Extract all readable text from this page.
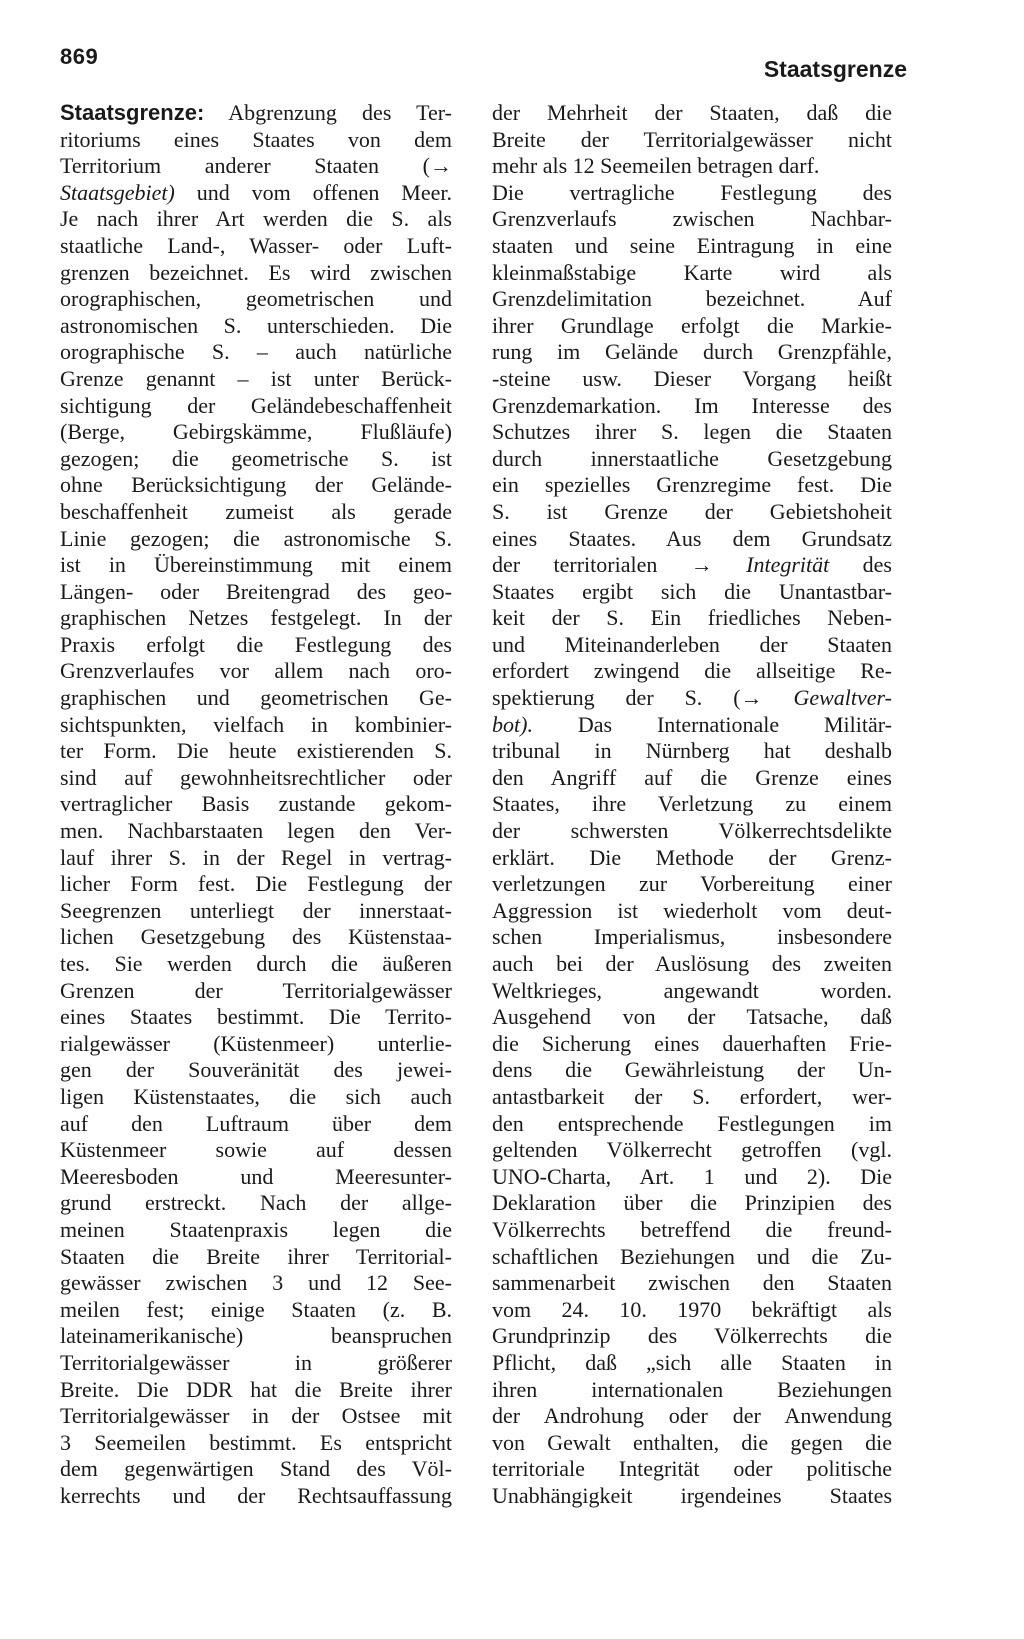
869	Staatsgrenze
Staatsgrenze: Abgrenzung des Ter-
ritoriums eines Staates von dem
Territorium anderer Staaten (→
Staatsgebiet) und vom offenen Meer.
Je nach ihrer Art werden die S. als
staatliche Land-, Wasser- oder Luft-
grenzen bezeichnet. Es wird zwischen
orographischen, geometrischen und
astronomischen S. unterschieden. Die
orographische S. – auch natürliche
Grenze genannt – ist unter Berück-
sichtigung der Geländebeschaffenheit
(Berge, Gebirgskämme, Flußläufe)
gezogen; die geometrische S. ist
ohne Berücksichtigung der Gelände-
beschaffenheit zumeist als gerade
Linie gezogen; die astronomische S.
ist in Übereinstimmung mit einem
Längen- oder Breitengrad des geo-
graphischen Netzes festgelegt. In der
Praxis erfolgt die Festlegung des
Grenzverlaufes vor allem nach oro-
graphischen und geometrischen Ge-
sichtspunkten, vielfach in kombinier-
ter Form. Die heute existierenden S.
sind auf gewohnheitsrechtlicher oder
vertraglicher Basis zustande gekom-
men. Nachbarstaaten legen den Ver-
lauf ihrer S. in der Regel in vertrag-
licher Form fest. Die Festlegung der
Seegrenzen unterliegt der innerstaat-
lichen Gesetzgebung des Küstenstaa-
tes. Sie werden durch die äußeren
Grenzen der Territorialgewässer
eines Staates bestimmt. Die Territo-
rialgewässer (Küstenmeer) unterlie-
gen der Souveränität des jewei-
ligen Küstenstaates, die sich auch
auf den Luftraum über dem
Küstenmeer sowie auf dessen
Meeresboden und Meeresunter-
grund erstreckt. Nach der allge-
meinen Staatenpraxis legen die
Staaten die Breite ihrer Territorial-
gewässer zwischen 3 und 12 See-
meilen fest; einige Staaten (z. B.
lateinamerikanische) beanspruchen
Territorialgewässer in größerer
Breite. Die DDR hat die Breite ihrer
Territorialgewässer in der Ostsee mit
3 Seemeilen bestimmt. Es entspricht
dem gegenwärtigen Stand des Völ-
kerrechts und der Rechtsauffassung
der Mehrheit der Staaten, daß die
Breite der Territorialgewässer nicht
mehr als 12 Seemeilen betragen darf.
Die vertragliche Festlegung des
Grenzverlaufs zwischen Nachbar-
staaten und seine Eintragung in eine
kleinmaßstabige Karte wird als
Grenzdelimitation bezeichnet. Auf
ihrer Grundlage erfolgt die Markie-
rung im Gelände durch Grenzpfähle,
-steine usw. Dieser Vorgang heißt
Grenzdemarkation. Im Interesse des
Schutzes ihrer S. legen die Staaten
durch innerstaatliche Gesetzgebung
ein spezielles Grenzregime fest. Die
S. ist Grenze der Gebietshoheit
eines Staates. Aus dem Grundsatz
der territorialen → Integrität des
Staates ergibt sich die Unantastbar-
keit der S. Ein friedliches Neben-
und Miteinanderleben der Staaten
erfordert zwingend die allseitige Re-
spektierung der S. (→ Gewaltver-
bot). Das Internationale Militär-
tribunal in Nürnberg hat deshalb
den Angriff auf die Grenze eines
Staates, ihre Verletzung zu einem
der schwersten Völkerrechtsdelikte
erklärt. Die Methode der Grenz-
verletzungen zur Vorbereitung einer
Aggression ist wiederholt vom deut-
schen Imperialismus, insbesondere
auch bei der Auslösung des zweiten
Weltkrieges, angewandt worden.
Ausgehend von der Tatsache, daß
die Sicherung eines dauerhaften Frie-
dens die Gewährleistung der Un-
antastbarkeit der S. erfordert, wer-
den entsprechende Festlegungen im
geltenden Völkerrecht getroffen (vgl.
UNO-Charta, Art. 1 und 2). Die
Deklaration über die Prinzipien des
Völkerrechts betreffend die freund-
schaftlichen Beziehungen und die Zu-
sammenarbeit zwischen den Staaten
vom 24. 10. 1970 bekräftigt als
Grundprinzip des Völkerrechts die
Pflicht, daß „sich alle Staaten in
ihren internationalen Beziehungen
der Androhung oder der Anwendung
von Gewalt enthalten, die gegen die
territoriale Integrität oder politische
Unabhängigkeit irgendeines Staates
